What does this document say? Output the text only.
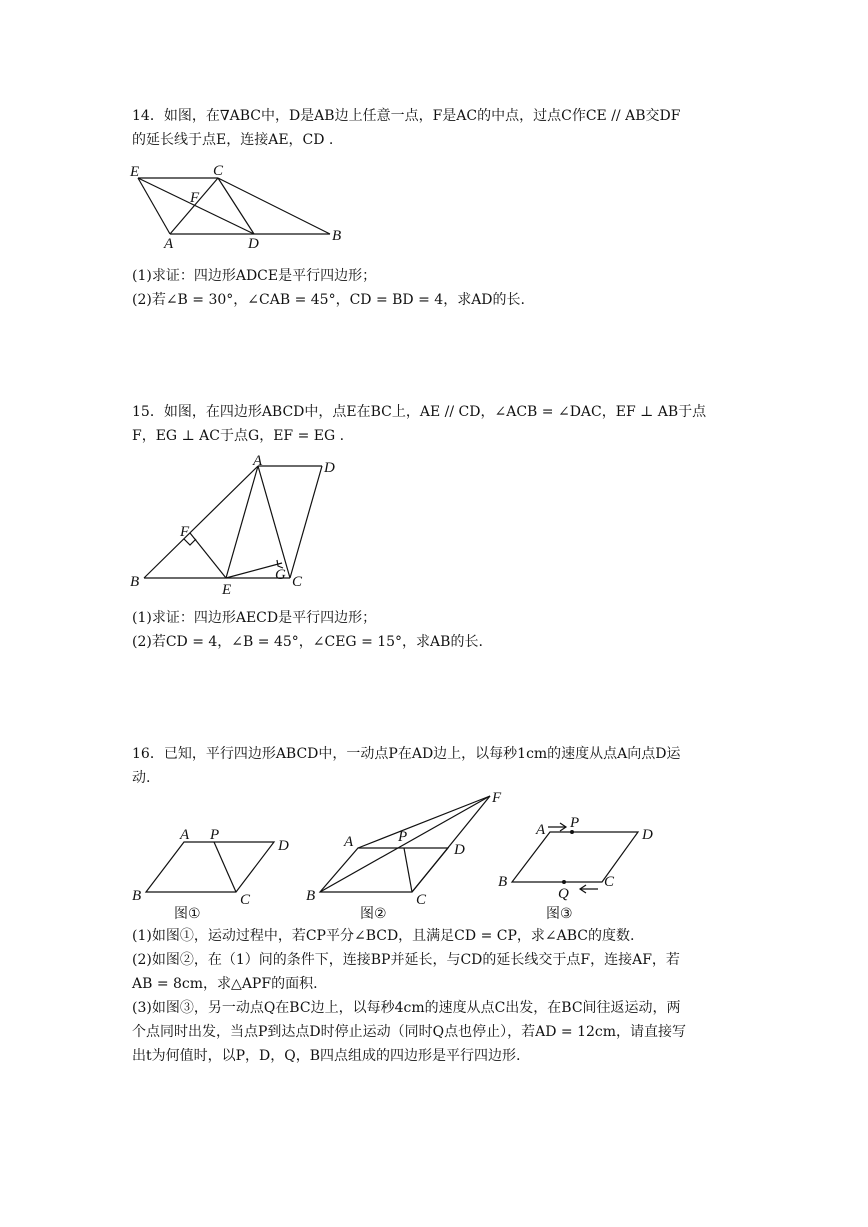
14．如图，在∇ABC中，D是AB边上任意一点，F是AC的中点，过点C作CE // AB交DF
的延长线于点E，连接AE，CD .
E	C
F
A	D	B
(1)求证：四边形ADCE是平行四边形；
(2)若∠B = 30°，∠CAB = 45°，CD = BD = 4，求AD的长.
15．如图，在四边形ABCD中，点E在BC上，AE // CD，∠ACB = ∠DAC，EF ⊥ AB于点
F，EG ⊥ AC于点G，EF = EG .
A	D
F
B	E
G C
(1)求证：四边形AECD是平行四边形；
(2)若CD = 4，∠B = 45°，∠CEG = 15°，求AB的长.
16．已知，平行四边形ABCD中，一动点P在AD边上，以每秒1cm的速度从点A向点D运
动.
A P
D
B	C
图①
A	P
D
B	C
F
图②
A P
D
B	C
Q
图③
(1)如图①，运动过程中，若CP平分∠BCD，且满足CD = CP，求∠ABC的度数.
(2)如图②，在（1）问的条件下，连接BP并延长，与CD的延长线交于点F，连接AF，若
AB = 8cm，求△APF的面积.
(3)如图③，另一动点Q在BC边上，以每秒4cm的速度从点C出发，在BC间往返运动，两
个点同时出发，当点P到达点D时停止运动（同时Q点也停止），若AD = 12cm，请直接写
出t为何值时，以P，D，Q，B四点组成的四边形是平行四边形.
